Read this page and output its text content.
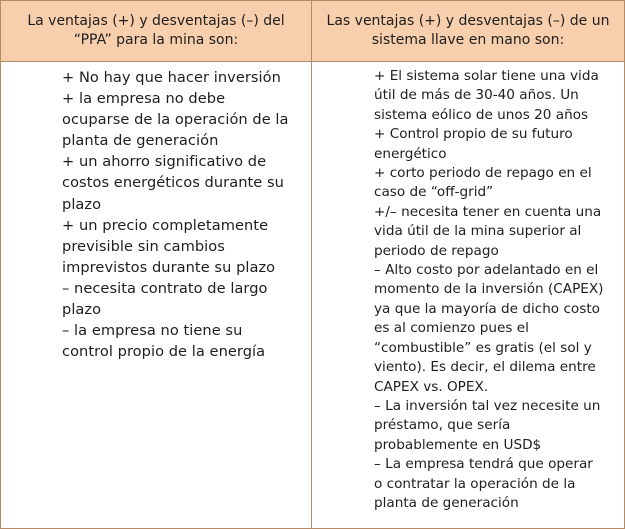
La ventajas (+) y desventajas (–) del “PPA” para la mina son:
Las ventajas (+) y desventajas (–) de un sistema llave en mano son:
+ No hay que hacer inversión
+ la empresa no debe
ocuparse de la operación de la
planta de generación
+ un ahorro significativo de
costos energéticos durante su
plazo
+ un precio completamente
previsible sin cambios
imprevistos durante su plazo
– necesita contrato de largo
plazo
– la empresa no tiene su
control propio de la energía
+ El sistema solar tiene una vida
útil de más de 30-40 años. Un
sistema eólico de unos 20 años
+ Control propio de su futuro
energético
+ corto periodo de repago en el
caso de “off-grid”
+/– necesita tener en cuenta una
vida útil de la mina superior al
periodo de repago
– Alto costo por adelantado en el
momento de la inversión (CAPEX)
ya que la mayoría de dicho costo
es al comienzo pues el
“combustible” es gratis (el sol y
viento). Es decir, el dilema entre
CAPEX vs. OPEX.
– La inversión tal vez necesite un
préstamo, que sería
probablemente en USD$
– La empresa tendrá que operar
o contratar la operación de la
planta de generación
